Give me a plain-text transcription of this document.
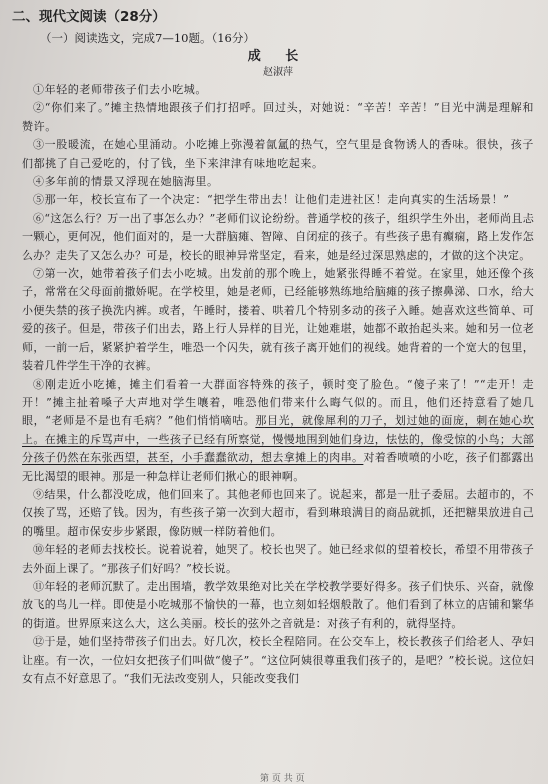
二、现代文阅读（28分）
（一）阅读选文，完成7—10题。（16分）
成 长
赵淑萍

①年轻的老师带孩子们去小吃城。

②“你们来了。”摊主热情地跟孩子们打招呼。回过头，对她说：“辛苦！辛苦！”目光中满是理解和赞许。

③一股暖流，在她心里涌动。小吃摊上弥漫着氤氲的热气，空气里是食物诱人的香味。很快，孩子们都挑了自己爱吃的，付了钱，坐下来津津有味地吃起来。

④多年前的情景又浮现在她脑海里。

⑤那一年，校长宣布了一个决定：“把学生带出去！让他们走进社区！走向真实的生活场景！”

⑥“这怎么行？万一出了事怎么办？”老师们议论纷纷。普通学校的孩子，组织学生外出，老师尚且忐一颗心，更何况，他们面对的，是一大群脑瘫、智障、自闭症的孩子。有些孩子患有癫痫，路上发作怎么办？走失了又怎么办？可是，校长的眼神异常坚定，看来，她是经过深思熟虑的，才做的这个决定。

⑦第一次，她带着孩子们去小吃城。出发前的那个晚上，她紧张得睡不着觉。在家里，她还像个孩子，常常在父母面前撒娇呢。在学校里，她是老师，已经能够熟练地给脑瘫的孩子擦鼻涕、口水，给大小便失禁的孩子换洗内裤。或者，午睡时，搂着、哄着几个特别多动的孩子入睡。她喜欢这些简单、可爱的孩子。但是，带孩子们出去，路上行人异样的目光，让她难堪，她都不敢抬起头来。她和另一位老师，一前一后，紧紧护着学生，唯恐一个闪失，就有孩子离开她们的视线。她背着的一个宽大的包里，装着几件学生干净的衣裤。

⑧刚走近小吃摊，摊主们看着一大群面容特殊的孩子，顿时变了脸色。“傻子来了！”“走开！走开！”摊主扯着嗓子大声地对学生嚷着，唯恐他们带来什么晦气似的。而且，他们还持意看了她几眼，“老师是不是也有毛病？”他们悄悄嘀咕。那目光，就像犀利的刀子，划过她的面庞，刺在她心坎上。在摊主的斥骂声中，一些孩子已经有所察觉，慢慢地围到她们身边，怯怯的，像受惊的小鸟；大部分孩子仍然在东张西望，甚至，小手蠢蠢欲动，想去拿摊上的肉串。对着香喷喷的小吃，孩子们都露出无比渴望的眼神。那是一种急样让老师们揪心的眼神啊。

⑨结果，什么都没吃成，他们回来了。其他老师也回来了。说起来，都是一肚子委屈。去超市的，不仅挨了骂，还赔了钱。因为，有些孩子第一次到大超市，看到琳琅满目的商品就抓，还把糖果放进自己的嘴里。超市保安步步紧跟，像防贼一样防着他们。

⑩年轻的老师去找校长。说着说着，她哭了。校长也哭了。她已经求似的望着校长，希望不用带孩子去外面上课了。“那孩子们好吗？”校长说。

⑪年轻的老师沉默了。走出围墙，教学效果绝对比关在学校教学要好得多。孩子们快乐、兴奋，就像放飞的鸟儿一样。即使是小吃城那不愉快的一幕，也立刻如轻烟般散了。他们看到了林立的店铺和繁华的街道。世界原来这么大，这么美丽。校长的弦外之音就是：对孩子有利的，就得坚持。

⑫于是，她们坚持带孩子们出去。好几次，校长全程陪同。在公交车上，校长教孩子们给老人、孕妇让座。有一次，一位妇女把孩子们叫做“傻子”。“这位阿姨很尊重我们孩子的，是吧？”校长说。这位妇女有点不好意思了。“我们无法改变别人，只能改变我们

第 页 共 页
